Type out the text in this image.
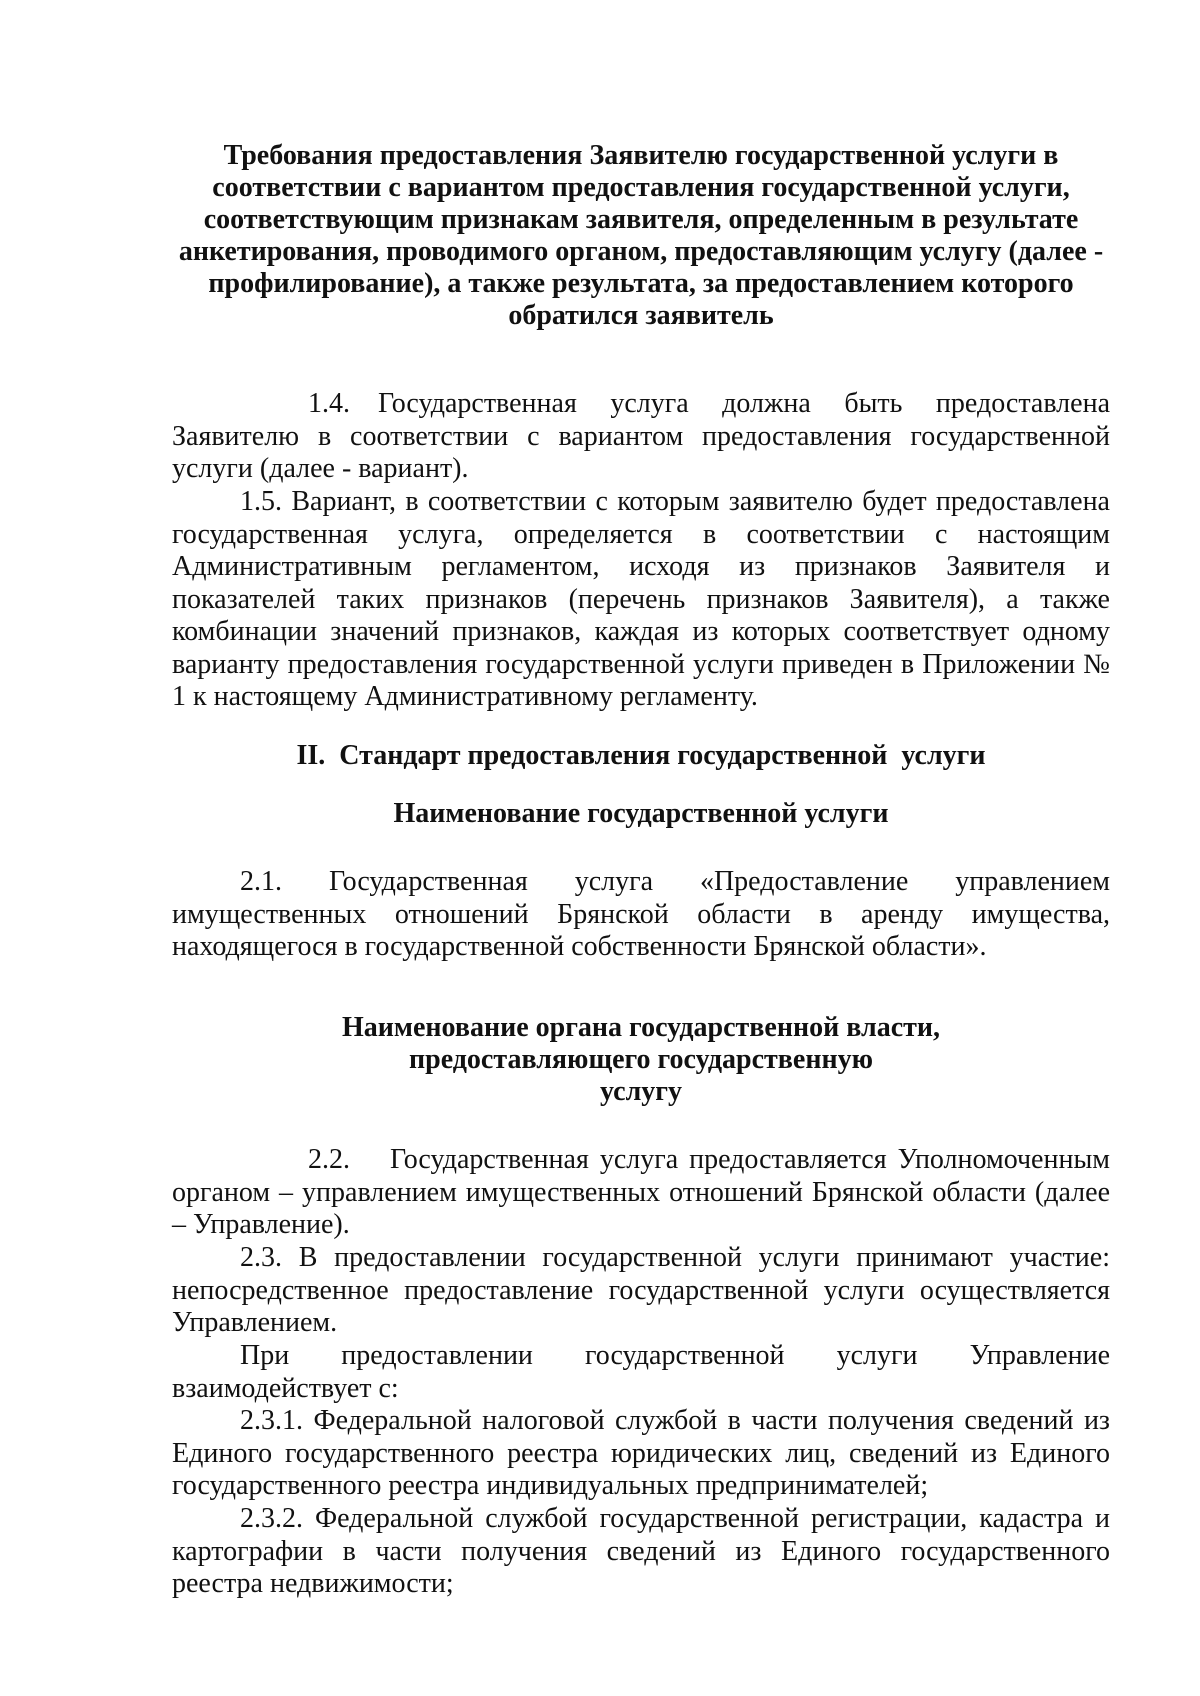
Требования предоставления Заявителю государственной услуги в

соответствии с вариантом предоставления государственной услуги,

соответствующим признакам заявителя, определенным в результате

анкетирования, проводимого органом, предоставляющим услугу (далее -

профилирование), а также результата, за предоставлением которого

обратился заявитель

1.4. Государственная услуга должна быть предоставлена Заявителю в соответствии с вариантом предоставления государственной услуги (далее - вариант).

1.5. Вариант, в соответствии с которым заявителю будет предоставлена государственная услуга, определяется в соответствии с настоящим Административным регламентом, исходя из признаков Заявителя и показателей таких признаков (перечень признаков Заявителя), а также комбинации значений признаков, каждая из которых соответствует одному варианту предоставления государственной услуги приведен в Приложении № 1 к настоящему Административному регламенту.

II.  Стандарт предоставления государственной  услуги

Наименование государственной услуги

2.1. Государственная услуга «Предоставление управлением имущественных отношений Брянской области в аренду имущества, находящегося в государственной собственности Брянской области».

Наименование органа государственной власти,

предоставляющего государственную

услугу

2.2. Государственная услуга предоставляется Уполномоченным органом – управлением имущественных отношений Брянской области (далее – Управление).

2.3. В предоставлении государственной услуги принимают участие: непосредственное предоставление государственной услуги осуществляется Управлением.

При предоставлении государственной услуги Управление взаимодействует с:

2.3.1. Федеральной налоговой службой в части получения сведений из Единого государственного реестра юридических лиц, сведений из Единого государственного реестра индивидуальных предпринимателей;

2.3.2. Федеральной службой государственной регистрации, кадастра и картографии в части получения сведений из Единого государственного реестра недвижимости;
